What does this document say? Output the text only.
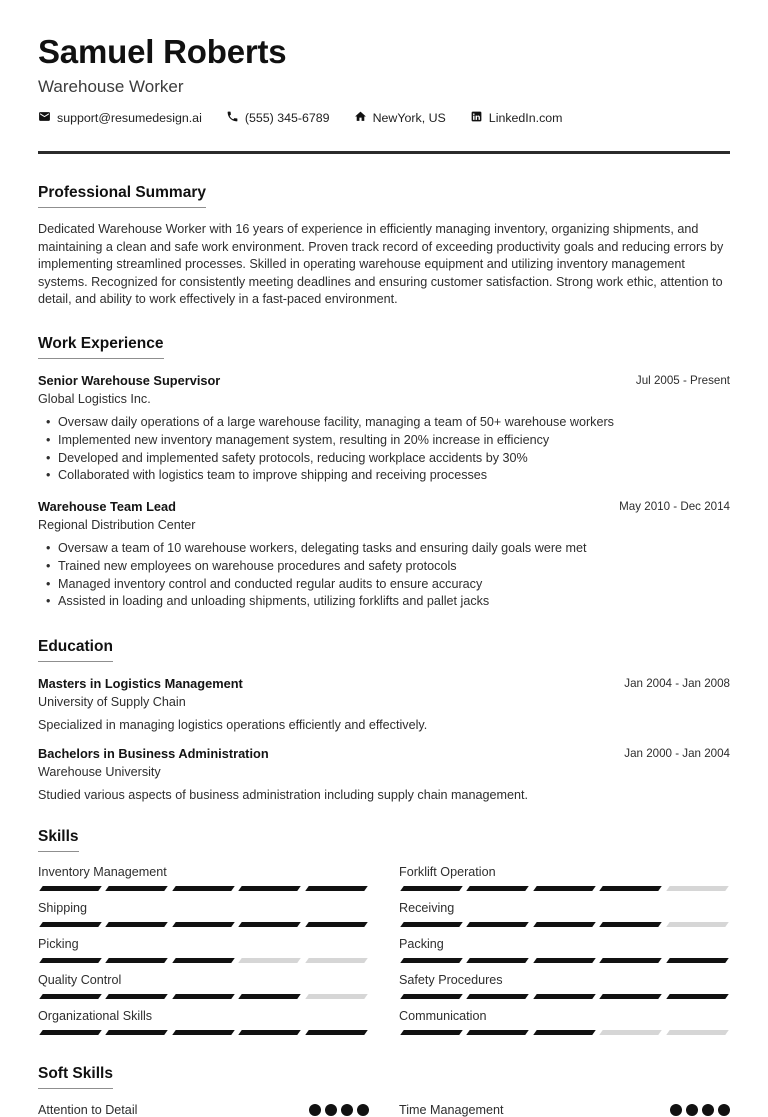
Samuel Roberts
Warehouse Worker
support@resumedesign.ai	(555) 345-6789	NewYork, US	LinkedIn.com
Professional Summary

Dedicated Warehouse Worker with 16 years of experience in efficiently managing inventory, organizing shipments, and maintaining a clean and safe work environment. Proven track record of exceeding productivity goals and reducing errors by implementing streamlined processes. Skilled in operating warehouse equipment and utilizing inventory management systems. Recognized for consistently meeting deadlines and ensuring customer satisfaction. Strong work ethic, attention to detail, and ability to work effectively in a fast-paced environment.

Work Experience
Senior Warehouse Supervisor	Jul 2005 - Present
Global Logistics Inc.
• Oversaw daily operations of a large warehouse facility, managing a team of 50+ warehouse workers
• Implemented new inventory management system, resulting in 20% increase in efficiency
• Developed and implemented safety protocols, reducing workplace accidents by 30%
• Collaborated with logistics team to improve shipping and receiving processes
Warehouse Team Lead	May 2010 - Dec 2014
Regional Distribution Center
• Oversaw a team of 10 warehouse workers, delegating tasks and ensuring daily goals were met
• Trained new employees on warehouse procedures and safety protocols
• Managed inventory control and conducted regular audits to ensure accuracy
• Assisted in loading and unloading shipments, utilizing forklifts and pallet jacks
Education
Masters in Logistics Management	Jan 2004 - Jan 2008
University of Supply Chain
Specialized in managing logistics operations efficiently and effectively.
Bachelors in Business Administration	Jan 2000 - Jan 2004
Warehouse University
Studied various aspects of business administration including supply chain management.
Skills
Inventory Management	Forklift Operation
Shipping	Receiving
Picking	Packing
Quality Control	Safety Procedures
Organizational Skills	Communication
Soft Skills
Attention to Detail	Time Management
